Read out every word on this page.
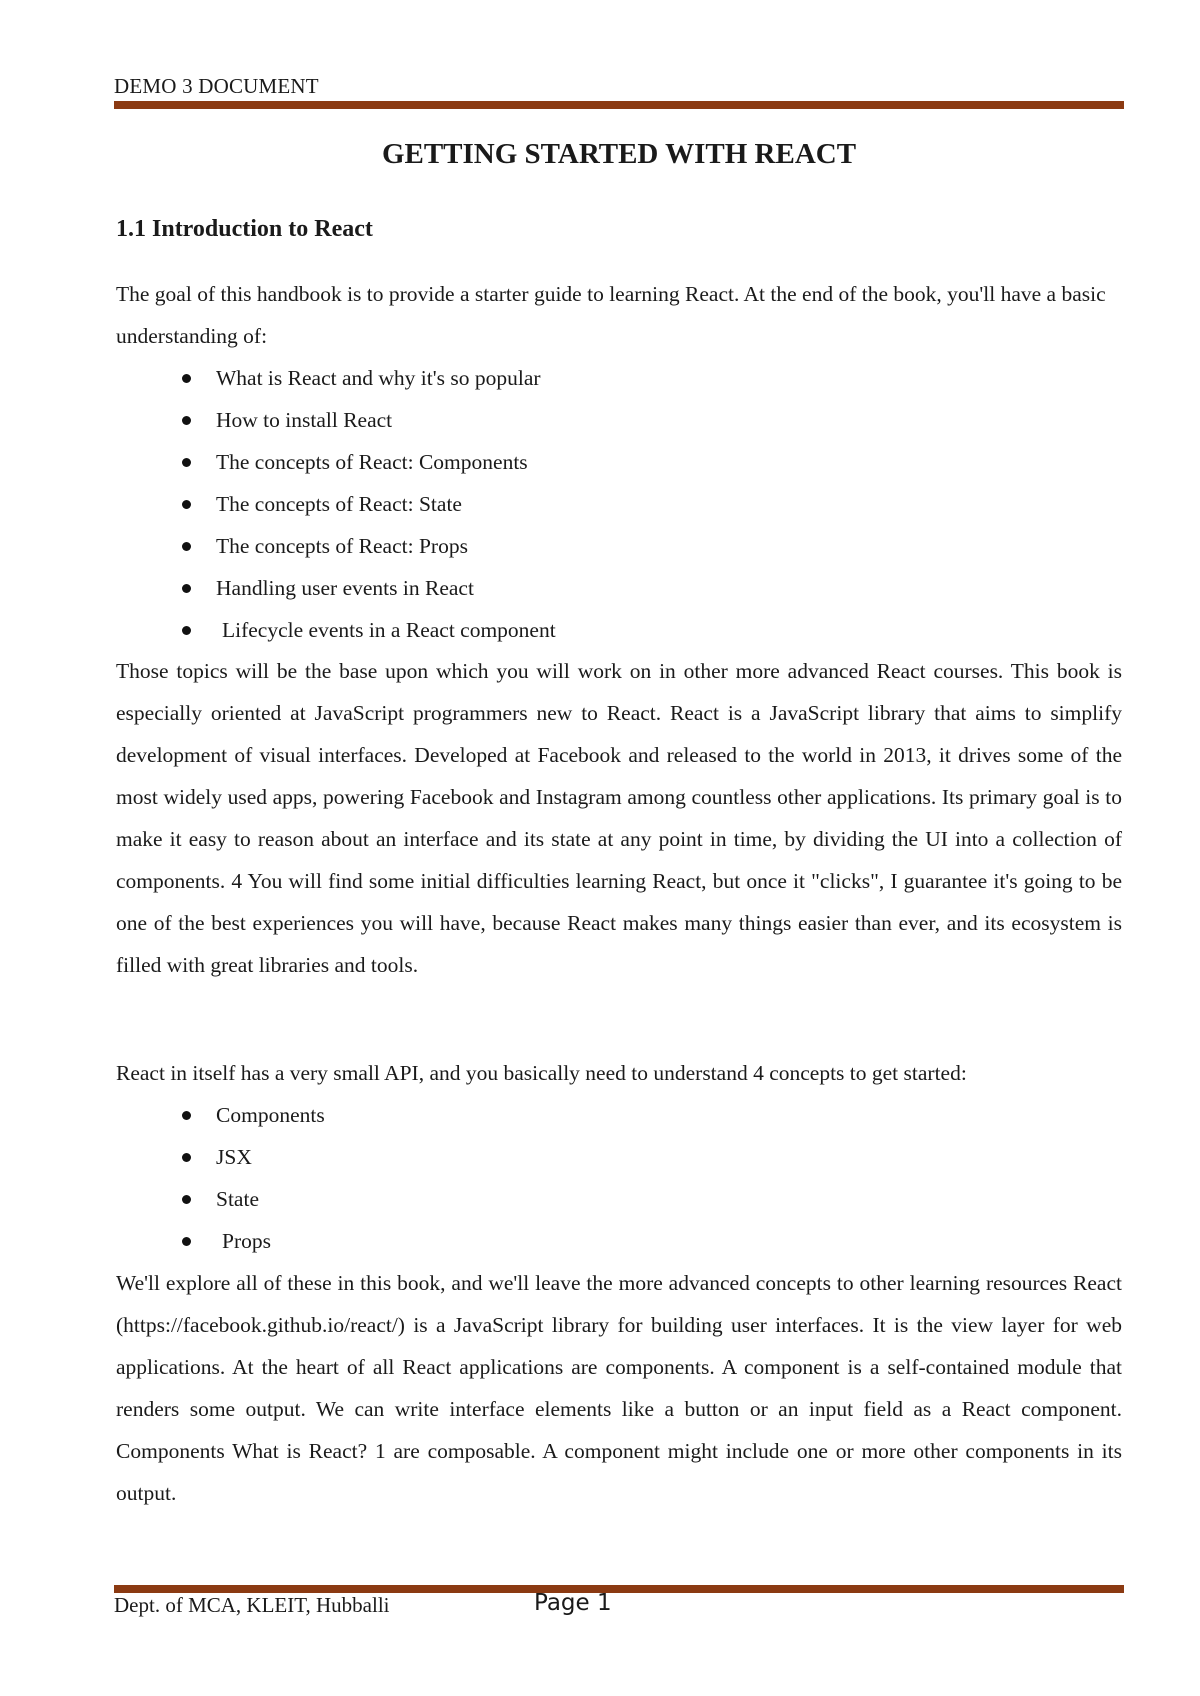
DEMO 3 DOCUMENT
GETTING STARTED WITH REACT
1.1 Introduction to React

The goal of this handbook is to provide a starter guide to learning React. At the end of the book, you'll have a basic understanding of:

What is React and why it's so popular
How to install React
The concepts of React: Components
The concepts of React: State
The concepts of React: Props
Handling user events in React
Lifecycle events in a React component

Those topics will be the base upon which you will work on in other more advanced React courses. This book is especially oriented at JavaScript programmers new to React. React is a JavaScript library that aims to simplify development of visual interfaces. Developed at Facebook and released to the world in 2013, it drives some of the most widely used apps, powering Facebook and Instagram among countless other applications. Its primary goal is to make it easy to reason about an interface and its state at any point in time, by dividing the UI into a collection of components. 4 You will find some initial difficulties learning React, but once it "clicks", I guarantee it's going to be one of the best experiences you will have, because React makes many things easier than ever, and its ecosystem is filled with great libraries and tools.

React in itself has a very small API, and you basically need to understand 4 concepts to get started:

Components
JSX
State
Props

We'll explore all of these in this book, and we'll leave the more advanced concepts to other learning resources React (https://facebook.github.io/react/) is a JavaScript library for building user interfaces. It is the view layer for web applications. At the heart of all React applications are components. A component is a self-contained module that renders some output. We can write interface elements like a button or an input field as a React component. Components What is React? 1 are composable. A component might include one or more other components in its output.

Dept. of MCA, KLEIT, Hubballi	Page 1
